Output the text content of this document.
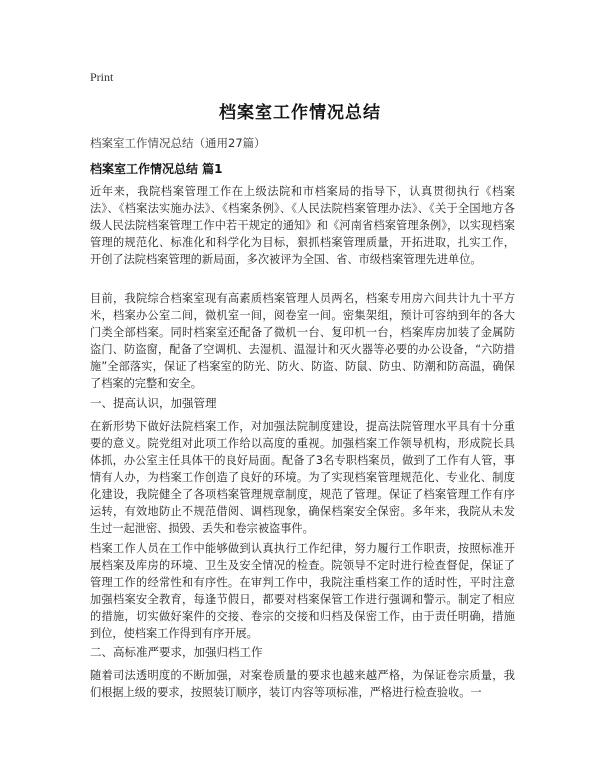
Print
档案室工作情况总结
档案室工作情况总结（通用27篇）
档案室工作情况总结 篇1
近年来，我院档案管理工作在上级法院和市档案局的指导下，认真贯彻执行《档案法》、《档案法实施办法》、《档案条例》、《人民法院档案管理办法》、《关于全国地方各级人民法院档案管理工作中若干规定的通知》和《河南省档案管理条例》，以实现档案管理的规范化、标准化和科学化为目标，狠抓档案管理质量，开拓进取，扎实工作，开创了法院档案管理的新局面，多次被评为全国、省、市级档案管理先进单位。
目前，我院综合档案室现有高素质档案管理人员两名，档案专用房六间共计九十平方米，档案办公室二间，微机室一间，阅卷室一间。密集架组，预计可容纳到年的各大门类全部档案。同时档案室还配备了微机一台、复印机一台，档案库房加装了金属防盗门、防盗窗，配备了空调机、去湿机、温湿计和灭火器等必要的办公设备，“六防措施”全部落实，保证了档案室的防光、防火、防盗、防鼠、防虫、防潮和防高温，确保了档案的完整和安全。
一、提高认识，加强管理
在新形势下做好法院档案工作，对加强法院制度建设，提高法院管理水平具有十分重要的意义。院党组对此项工作给以高度的重视。加强档案工作领导机构，形成院长具体抓，办公室主任具体干的良好局面。配备了3名专职档案员，做到了工作有人管，事情有人办，为档案工作创造了良好的环境。为了实现档案管理规范化、专业化、制度化建设，我院健全了各项档案管理规章制度，规范了管理。保证了档案管理工作有序运转，有效地防止不规范借阅、调档现象，确保档案安全保密。多年来，我院从未发生过一起泄密、损毁、丢失和卷宗被盗事件。
档案工作人员在工作中能够做到认真执行工作纪律，努力履行工作职责，按照标准开展档案及库房的环境、卫生及安全情况的检查。院领导不定时进行检查督促，保证了管理工作的经常性和有序性。在审判工作中，我院注重档案工作的适时性，平时注意加强档案安全教育，每逢节假日，都要对档案保管工作进行强调和警示。制定了相应的措施，切实做好案件的交接、卷宗的交接和归档及保密工作，由于责任明确，措施到位，使档案工作得到有序开展。
二、高标准严要求，加强归档工作
随着司法透明度的不断加强，对案卷质量的要求也越来越严格，为保证卷宗质量，我们根据上级的要求，按照装订顺序，装订内容等项标准，严格进行检查验收。一
